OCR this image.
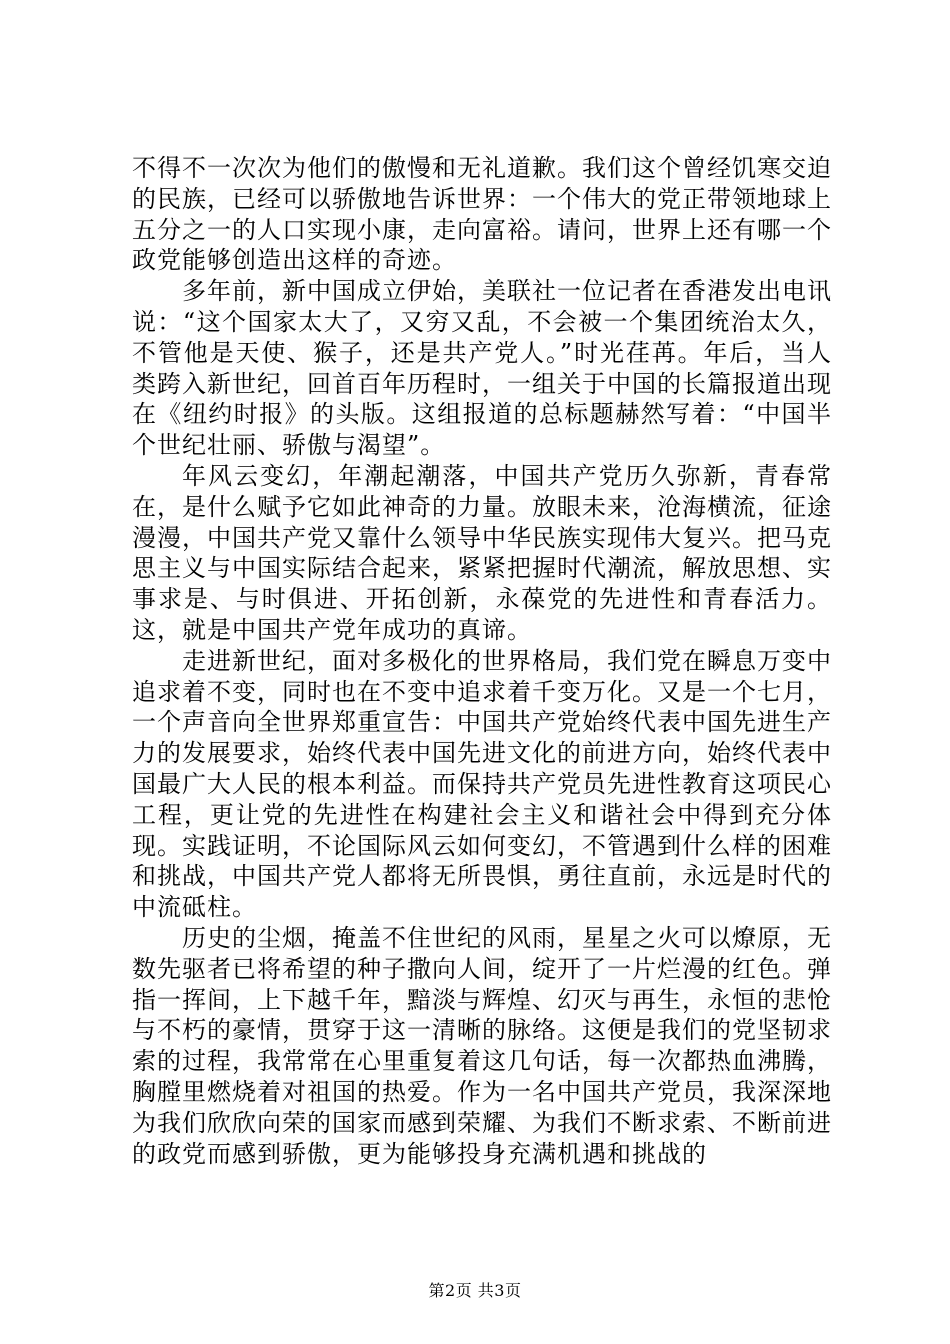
不得不一次次为他们的傲慢和无礼道歉。我们这个曾经饥寒交迫的民族，已经可以骄傲地告诉世界：一个伟大的党正带领地球上五分之一的人口实现小康，走向富裕。请问，世界上还有哪一个政党能够创造出这样的奇迹。

多年前，新中国成立伊始，美联社一位记者在香港发出电讯说：“这个国家太大了，又穷又乱，不会被一个集团统治太久，不管他是天使、猴子，还是共产党人。”时光荏苒。年后，当人类跨入新世纪，回首百年历程时，一组关于中国的长篇报道出现在《纽约时报》的头版。这组报道的总标题赫然写着：“中国半个世纪壮丽、骄傲与渴望”。

年风云变幻，年潮起潮落，中国共产党历久弥新，青春常在，是什么赋予它如此神奇的力量。放眼未来，沧海横流，征途漫漫，中国共产党又靠什么领导中华民族实现伟大复兴。把马克思主义与中国实际结合起来，紧紧把握时代潮流，解放思想、实事求是、与时俱进、开拓创新，永葆党的先进性和青春活力。这，就是中国共产党年成功的真谛。

走进新世纪，面对多极化的世界格局，我们党在瞬息万变中追求着不变，同时也在不变中追求着千变万化。又是一个七月，一个声音向全世界郑重宣告：中国共产党始终代表中国先进生产力的发展要求，始终代表中国先进文化的前进方向，始终代表中国最广大人民的根本利益。而保持共产党员先进性教育这项民心工程，更让党的先进性在构建社会主义和谐社会中得到充分体现。实践证明，不论国际风云如何变幻，不管遇到什么样的困难和挑战，中国共产党人都将无所畏惧，勇往直前，永远是时代的中流砥柱。

历史的尘烟，掩盖不住世纪的风雨，星星之火可以燎原，无数先驱者已将希望的种子撒向人间，绽开了一片烂漫的红色。弹指一挥间，上下越千年，黯淡与辉煌、幻灭与再生，永恒的悲怆与不朽的豪情，贯穿于这一清晰的脉络。这便是我们的党坚韧求索的过程，我常常在心里重复着这几句话，每一次都热血沸腾，胸膛里燃烧着对祖国的热爱。作为一名中国共产党员，我深深地为我们欣欣向荣的国家而感到荣耀、为我们不断求索、不断前进的政党而感到骄傲，更为能够投身充满机遇和挑战的

第2页 共3页
